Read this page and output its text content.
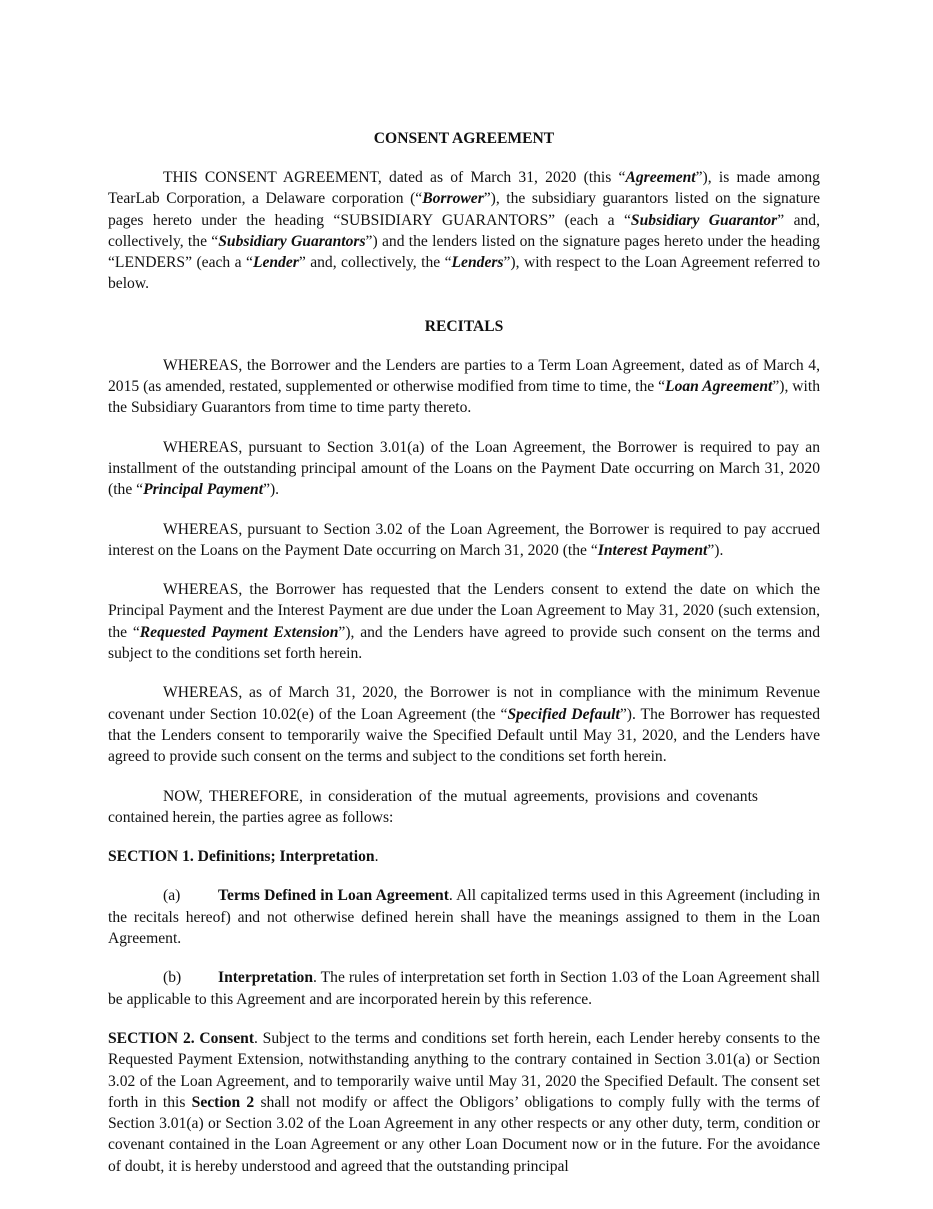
CONSENT AGREEMENT

THIS CONSENT AGREEMENT, dated as of March 31, 2020 (this “Agreement”), is made among TearLab Corporation, a Delaware corporation (“Borrower”), the subsidiary guarantors listed on the signature pages hereto under the heading “SUBSIDIARY GUARANTORS” (each a “Subsidiary Guarantor” and, collectively, the “Subsidiary Guarantors”) and the lenders listed on the signature pages hereto under the heading “LENDERS” (each a “Lender” and, collectively, the “Lenders”), with respect to the Loan Agreement referred to below.

RECITALS

WHEREAS, the Borrower and the Lenders are parties to a Term Loan Agreement, dated as of March 4, 2015 (as amended, restated, supplemented or otherwise modified from time to time, the “Loan Agreement”), with the Subsidiary Guarantors from time to time party thereto.

WHEREAS, pursuant to Section 3.01(a) of the Loan Agreement, the Borrower is required to pay an installment of the outstanding principal amount of the Loans on the Payment Date occurring on March 31, 2020 (the “Principal Payment”).

WHEREAS, pursuant to Section 3.02 of the Loan Agreement, the Borrower is required to pay accrued interest on the Loans on the Payment Date occurring on March 31, 2020 (the “Interest Payment”).

WHEREAS, the Borrower has requested that the Lenders consent to extend the date on which the Principal Payment and the Interest Payment are due under the Loan Agreement to May 31, 2020 (such extension, the “Requested Payment Extension”), and the Lenders have agreed to provide such consent on the terms and subject to the conditions set forth herein.

WHEREAS, as of March 31, 2020, the Borrower is not in compliance with the minimum Revenue covenant under Section 10.02(e) of the Loan Agreement (the “Specified Default”). The Borrower has requested that the Lenders consent to temporarily waive the Specified Default until May 31, 2020, and the Lenders have agreed to provide such consent on the terms and subject to the conditions set forth herein.

NOW, THEREFORE, in consideration of the mutual agreements, provisions and covenants contained herein, the parties agree as follows:

SECTION 1. Definitions; Interpretation.

(a) Terms Defined in Loan Agreement. All capitalized terms used in this Agreement (including in the recitals hereof) and not otherwise defined herein shall have the meanings assigned to them in the Loan Agreement.

(b) Interpretation. The rules of interpretation set forth in Section 1.03 of the Loan Agreement shall be applicable to this Agreement and are incorporated herein by this reference.

SECTION 2. Consent. Subject to the terms and conditions set forth herein, each Lender hereby consents to the Requested Payment Extension, notwithstanding anything to the contrary contained in Section 3.01(a) or Section 3.02 of the Loan Agreement, and to temporarily waive until May 31, 2020 the Specified Default. The consent set forth in this Section 2 shall not modify or affect the Obligors’ obligations to comply fully with the terms of Section 3.01(a) or Section 3.02 of the Loan Agreement in any other respects or any other duty, term, condition or covenant contained in the Loan Agreement or any other Loan Document now or in the future. For the avoidance of doubt, it is hereby understood and agreed that the outstanding principal
